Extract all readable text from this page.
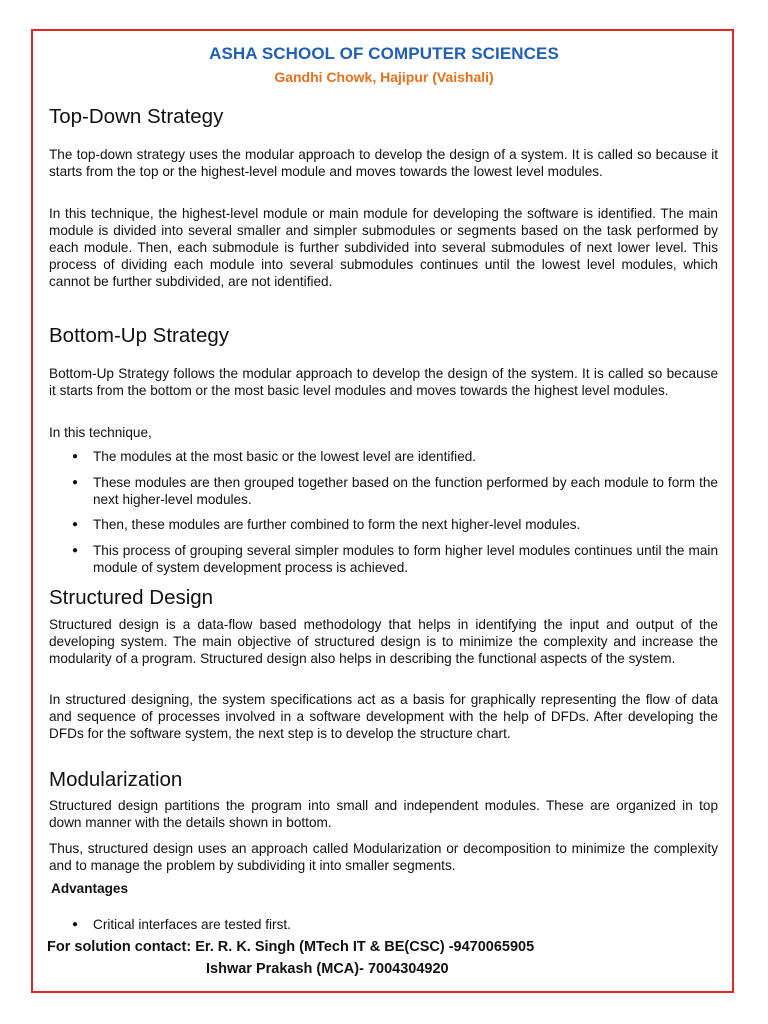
ASHA SCHOOL OF COMPUTER SCIENCES
Gandhi Chowk, Hajipur (Vaishali)
Top-Down Strategy

The top-down strategy uses the modular approach to develop the design of a system. It is called so because it starts from the top or the highest-level module and moves towards the lowest level modules.

In this technique, the highest-level module or main module for developing the software is identified. The main module is divided into several smaller and simpler submodules or segments based on the task performed by each module. Then, each submodule is further subdivided into several submodules of next lower level. This process of dividing each module into several submodules continues until the lowest level modules, which cannot be further subdivided, are not identified.

Bottom-Up Strategy

Bottom-Up Strategy follows the modular approach to develop the design of the system. It is called so because it starts from the bottom or the most basic level modules and moves towards the highest level modules.

In this technique,

● The modules at the most basic or the lowest level are identified.
● These modules are then grouped together based on the function performed by each module to form the next higher-level modules.
● Then, these modules are further combined to form the next higher-level modules.
● This process of grouping several simpler modules to form higher level modules continues until the main module of system development process is achieved.
Structured Design

Structured design is a data-flow based methodology that helps in identifying the input and output of the developing system. The main objective of structured design is to minimize the complexity and increase the modularity of a program. Structured design also helps in describing the functional aspects of the system.

In structured designing, the system specifications act as a basis for graphically representing the flow of data and sequence of processes involved in a software development with the help of DFDs. After developing the DFDs for the software system, the next step is to develop the structure chart.

Modularization

Structured design partitions the program into small and independent modules. These are organized in top down manner with the details shown in bottom.

Thus, structured design uses an approach called Modularization or decomposition to minimize the complexity and to manage the problem by subdividing it into smaller segments.

Advantages
● Critical interfaces are tested first.
For solution contact: Er. R. K. Singh (MTech IT & BE(CSC) -9470065905
Ishwar Prakash (MCA)- 7004304920
